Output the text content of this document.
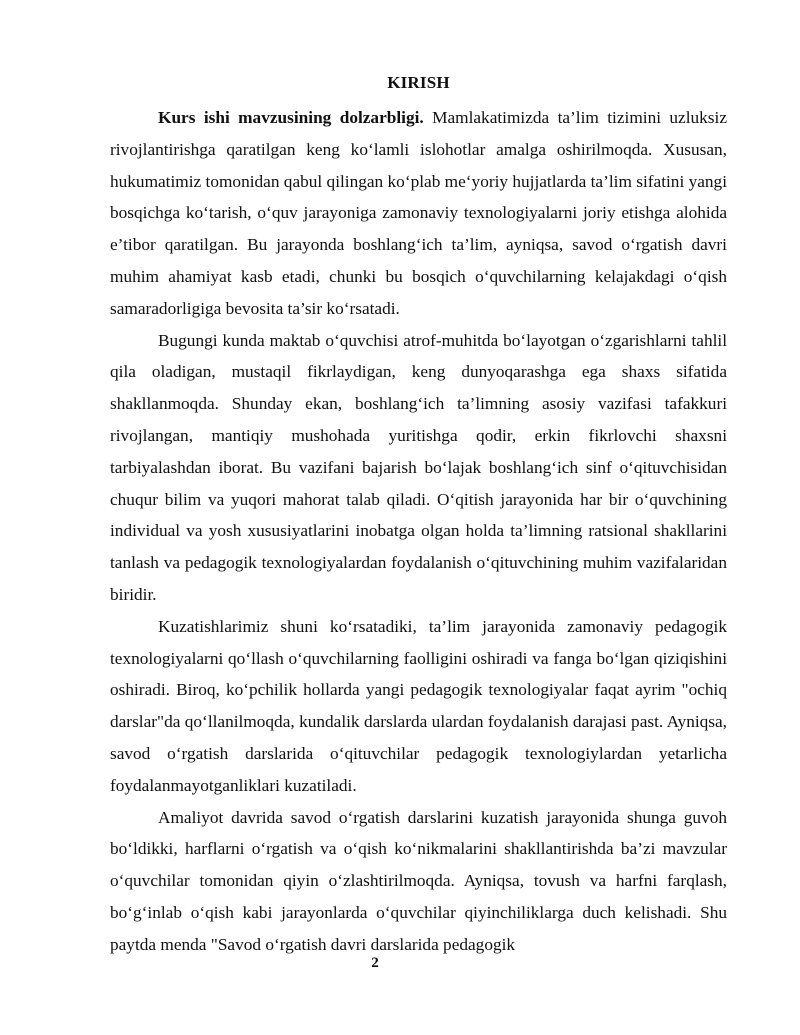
KIRISH

Kurs ishi mavzusining dolzarbligi. Mamlakatimizda ta’lim tizimini uzluksiz rivojlantirishga qaratilgan keng ko‘lamli islohotlar amalga oshirilmoqda. Xususan, hukumatimiz tomonidan qabul qilingan ko‘plab me‘yoriy hujjatlarda ta’lim sifatini yangi bosqichga ko‘tarish, o‘quv jarayoniga zamonaviy texnologiyalarni joriy etishga alohida e’tibor qaratilgan. Bu jarayonda boshlang‘ich ta’lim, ayniqsa, savod o‘rgatish davri muhim ahamiyat kasb etadi, chunki bu bosqich o‘quvchilarning kelajakdagi o‘qish samaradorligiga bevosita ta’sir ko‘rsatadi.

Bugungi kunda maktab o‘quvchisi atrof-muhitda bo‘layotgan o‘zgarishlarni tahlil qila oladigan, mustaqil fikrlaydigan, keng dunyoqarashga ega shaxs sifatida shakllanmoqda. Shunday ekan, boshlang‘ich ta’limning asosiy vazifasi tafakkuri rivojlangan, mantiqiy mushohada yuritishga qodir, erkin fikrlovchi shaxsni tarbiyalashdan iborat. Bu vazifani bajarish bo‘lajak boshlang‘ich sinf o‘qituvchisidan chuqur bilim va yuqori mahorat talab qiladi. O‘qitish jarayonida har bir o‘quvchining individual va yosh xususiyatlarini inobatga olgan holda ta’limning ratsional shakllarini tanlash va pedagogik texnologiyalardan foydalanish o‘qituvchining muhim vazifalaridan biridir.

Kuzatishlarimiz shuni ko‘rsatadiki, ta’lim jarayonida zamonaviy pedagogik texnologiyalarni qo‘llash o‘quvchilarning faolligini oshiradi va fanga bo‘lgan qiziqishini oshiradi. Biroq, ko‘pchilik hollarda yangi pedagogik texnologiyalar faqat ayrim "ochiq darslar"da qo‘llanilmoqda, kundalik darslarda ulardan foydalanish darajasi past. Ayniqsa, savod o‘rgatish darslarida o‘qituvchilar pedagogik texnologiylardan yetarlicha foydalanmayotganliklari kuzatiladi.

Amaliyot davrida savod o‘rgatish darslarini kuzatish jarayonida shunga guvoh bo‘ldikki, harflarni o‘rgatish va o‘qish ko‘nikmalarini shakllantirishda ba’zi mavzular o‘quvchilar tomonidan qiyin o‘zlashtirilmoqda. Ayniqsa, tovush va harfni farqlash, bo‘g‘inlab o‘qish kabi jarayonlarda o‘quvchilar qiyinchiliklarga duch kelishadi. Shu paytda menda "Savod o‘rgatish davri darslarida pedagogik

2
